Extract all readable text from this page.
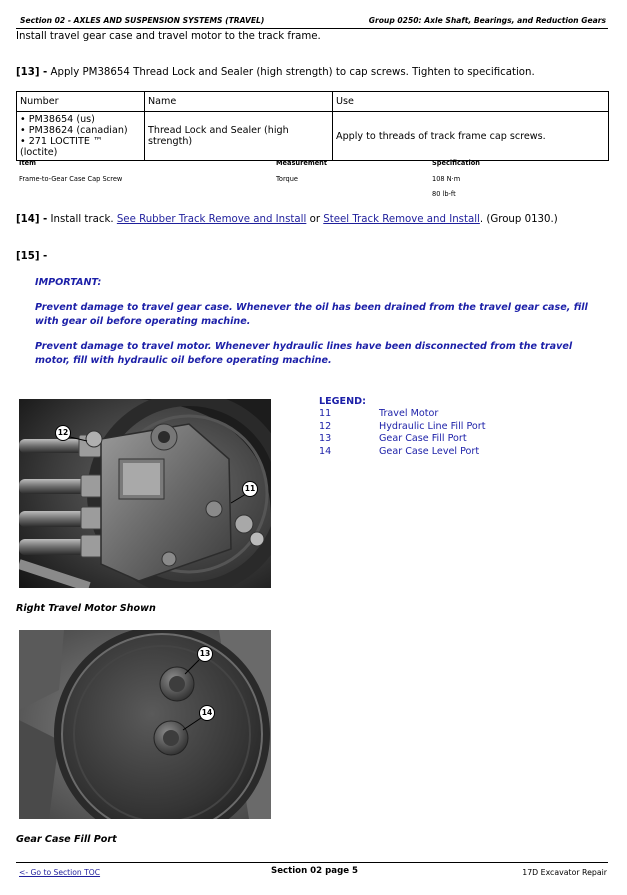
Section 02 - AXLES AND SUSPENSION SYSTEMS (TRAVEL)	Group 0250: Axle Shaft, Bearings, and Reduction Gears
Install travel gear case and travel motor to the track frame.
[13] - Apply PM38654 Thread Lock and Sealer (high strength) to cap screws. Tighten to specification.
Number	Name	Use

• PM38654 (us)
• PM38624 (canadian)
• 271 LOCTITE ™ (loctite)	Thread Lock and Sealer (high strength)	Apply to threads of track frame cap screws.
Item	Measurement	Specification
Frame-to-Gear Case Cap Screw	Torque	108 N·m
80 lb-ft
[14] - Install track. See Rubber Track Remove and Install or Steel Track Remove and Install. (Group 0130.)
[15] -
IMPORTANT:
Prevent damage to travel gear case. Whenever the oil has been drained from the travel gear case, fill
with gear oil before operating machine.
Prevent damage to travel motor. Whenever hydraulic lines have been disconnected from the travel
motor, fill with hydraulic oil before operating machine.
LEGEND:
11	Travel Motor
12	Hydraulic Line Fill Port
13	Gear Case Fill Port
14	Gear Case Level Port
12
11
Right Travel Motor Shown
13
14
Gear Case Fill Port
<- Go to Section TOC	Section 02 page 5	17D Excavator Repair
